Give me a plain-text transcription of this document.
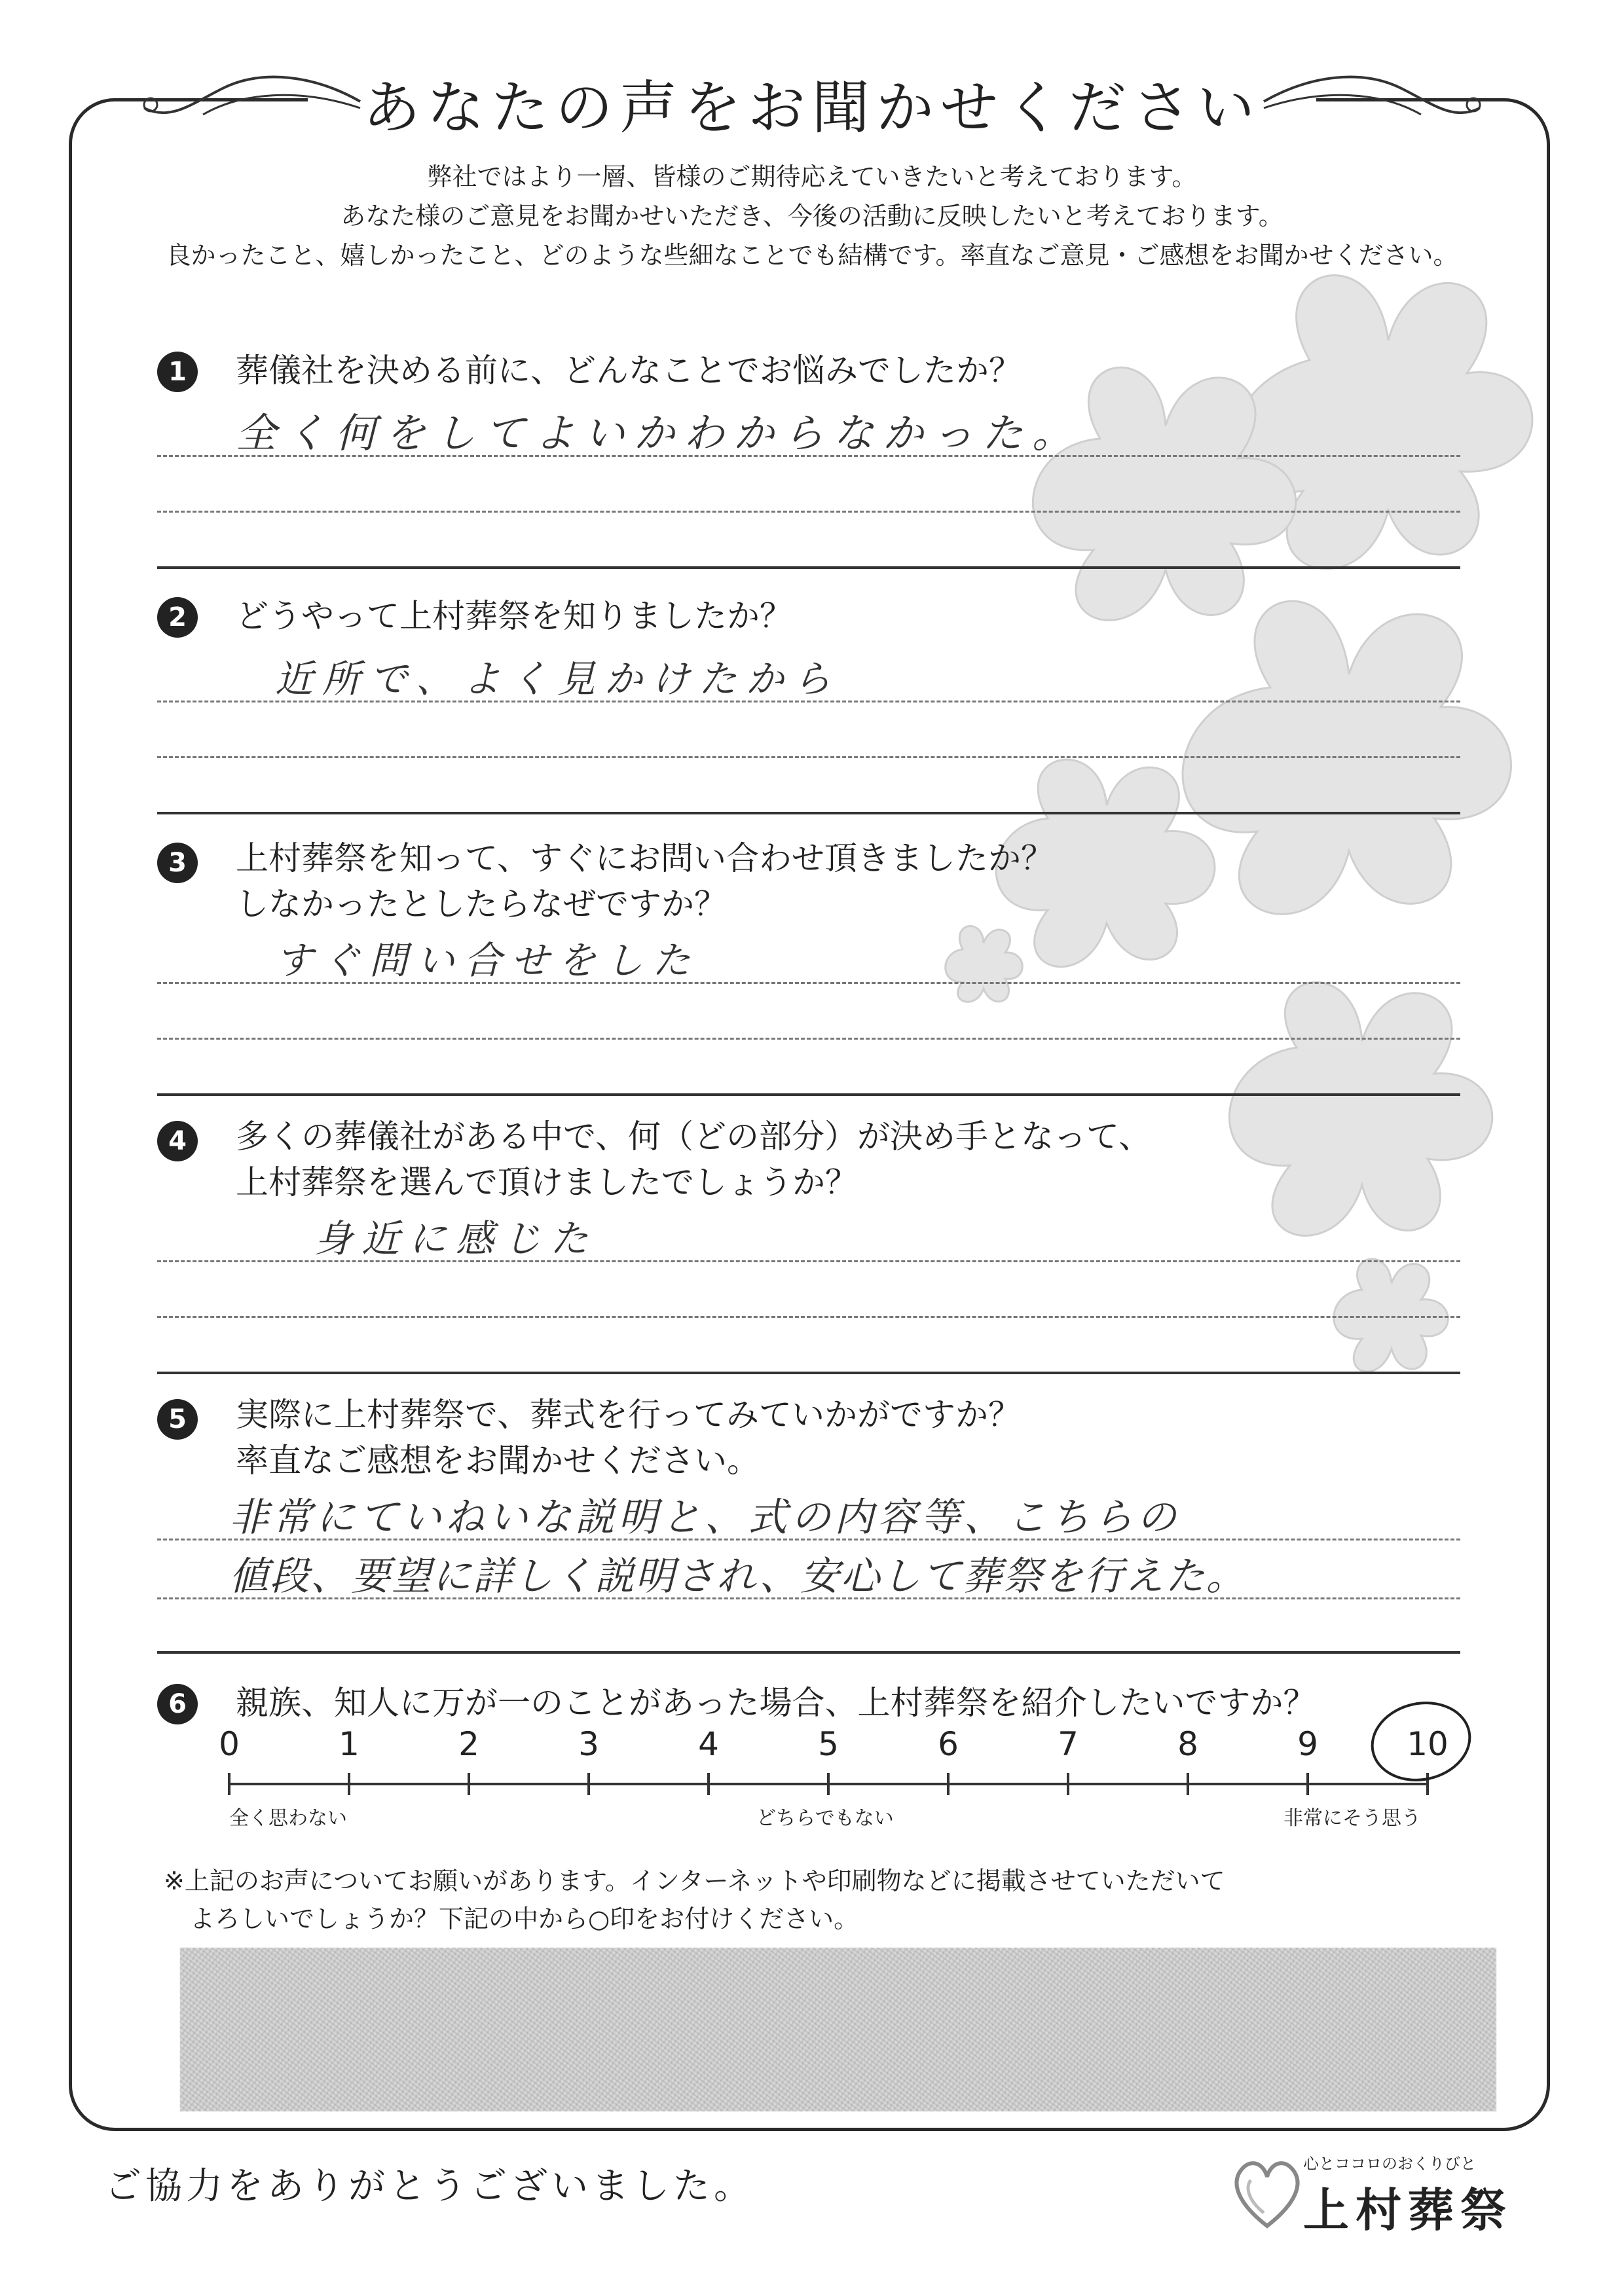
あなたの声をお聞かせください
弊社ではより一層、皆様のご期待応えていきたいと考えております。
あなた様のご意見をお聞かせいただき、今後の活動に反映したいと考えております。
良かったこと、嬉しかったこと、どのような些細なことでも結構です。率直なご意見・ご感想をお聞かせください。
1	葬儀社を決める前に、どんなことでお悩みでしたか？
全く何をしてよいかわからなかった。
2	どうやって上村葬祭を知りましたか？
近所で、よく見かけたから
3	上村葬祭を知って、すぐにお問い合わせ頂きましたか？
しなかったとしたらなぜですか？
すぐ問い合せをした
4	多くの葬儀社がある中で、何（どの部分）が決め手となって、
上村葬祭を選んで頂けましたでしょうか？
身近に感じた
5	実際に上村葬祭で、葬式を行ってみていかがですか？
率直なご感想をお聞かせください。
非常にていねいな説明と、式の内容等、こちらの
値段、要望に詳しく説明され、安心して葬祭を行えた。
6	親族、知人に万が一のことがあった場合、上村葬祭を紹介したいですか？
0	1	2	3	4	5	6	7	8	9	10
全く思わない	どちらでもない	非常にそう思う
※上記のお声についてお願いがあります。インターネットや印刷物などに掲載させていただいて
よろしいでしょうか？下記の中から○印をお付けください。
ご協力をありがとうございました。
心とココロのおくりびと
上村葬祭
